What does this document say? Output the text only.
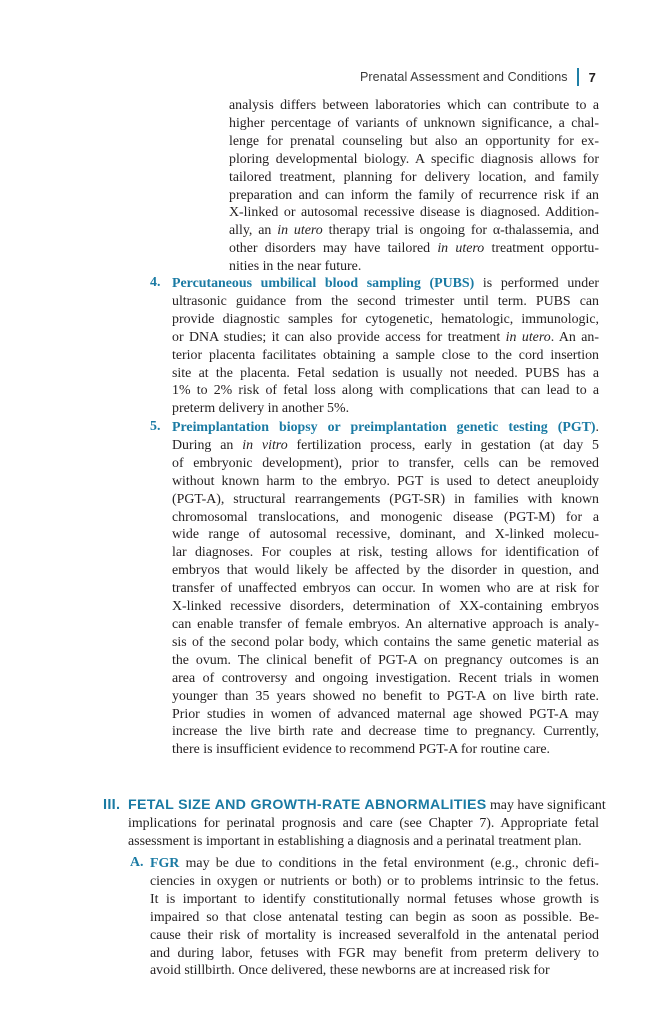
Prenatal Assessment and Conditions 7
analysis differs between laboratories which can contribute to a
higher percentage of variants of unknown significance, a chal-
lenge for prenatal counseling but also an opportunity for ex-
ploring developmental biology. A specific diagnosis allows for
tailored treatment, planning for delivery location, and family
preparation and can inform the family of recurrence risk if an
X-linked or autosomal recessive disease is diagnosed. Addition-
ally, an in utero therapy trial is ongoing for α-thalassemia, and
other disorders may have tailored in utero treatment opportu-
nities in the near future.
4. Percutaneous umbilical blood sampling (PUBS) is performed under
ultrasonic guidance from the second trimester until term. PUBS can
provide diagnostic samples for cytogenetic, hematologic, immunologic,
or DNA studies; it can also provide access for treatment in utero. An an-
terior placenta facilitates obtaining a sample close to the cord insertion
site at the placenta. Fetal sedation is usually not needed. PUBS has a
1% to 2% risk of fetal loss along with complications that can lead to a
preterm delivery in another 5%.
5. Preimplantation biopsy or preimplantation genetic testing (PGT).
During an in vitro fertilization process, early in gestation (at day 5
of embryonic development), prior to transfer, cells can be removed
without known harm to the embryo. PGT is used to detect aneuploidy
(PGT-A), structural rearrangements (PGT-SR) in families with known
chromosomal translocations, and monogenic disease (PGT-M) for a
wide range of autosomal recessive, dominant, and X-linked molecu-
lar diagnoses. For couples at risk, testing allows for identification of
embryos that would likely be affected by the disorder in question, and
transfer of unaffected embryos can occur. In women who are at risk for
X-linked recessive disorders, determination of XX-containing embryos
can enable transfer of female embryos. An alternative approach is analy-
sis of the second polar body, which contains the same genetic material as
the ovum. The clinical benefit of PGT-A on pregnancy outcomes is an
area of controversy and ongoing investigation. Recent trials in women
younger than 35 years showed no benefit to PGT-A on live birth rate.
Prior studies in women of advanced maternal age showed PGT-A may
increase the live birth rate and decrease time to pregnancy. Currently,
there is insufficient evidence to recommend PGT-A for routine care.
III. FETAL SIZE AND GROWTH-RATE ABNORMALITIES may have significant
implications for perinatal prognosis and care (see Chapter 7). Appropriate fetal
assessment is important in establishing a diagnosis and a perinatal treatment plan.
A. FGR may be due to conditions in the fetal environment (e.g., chronic defi-
ciencies in oxygen or nutrients or both) or to problems intrinsic to the fetus.
It is important to identify constitutionally normal fetuses whose growth is
impaired so that close antenatal testing can begin as soon as possible. Be-
cause their risk of mortality is increased severalfold in the antenatal period
and during labor, fetuses with FGR may benefit from preterm delivery to
avoid stillbirth. Once delivered, these newborns are at increased risk for
